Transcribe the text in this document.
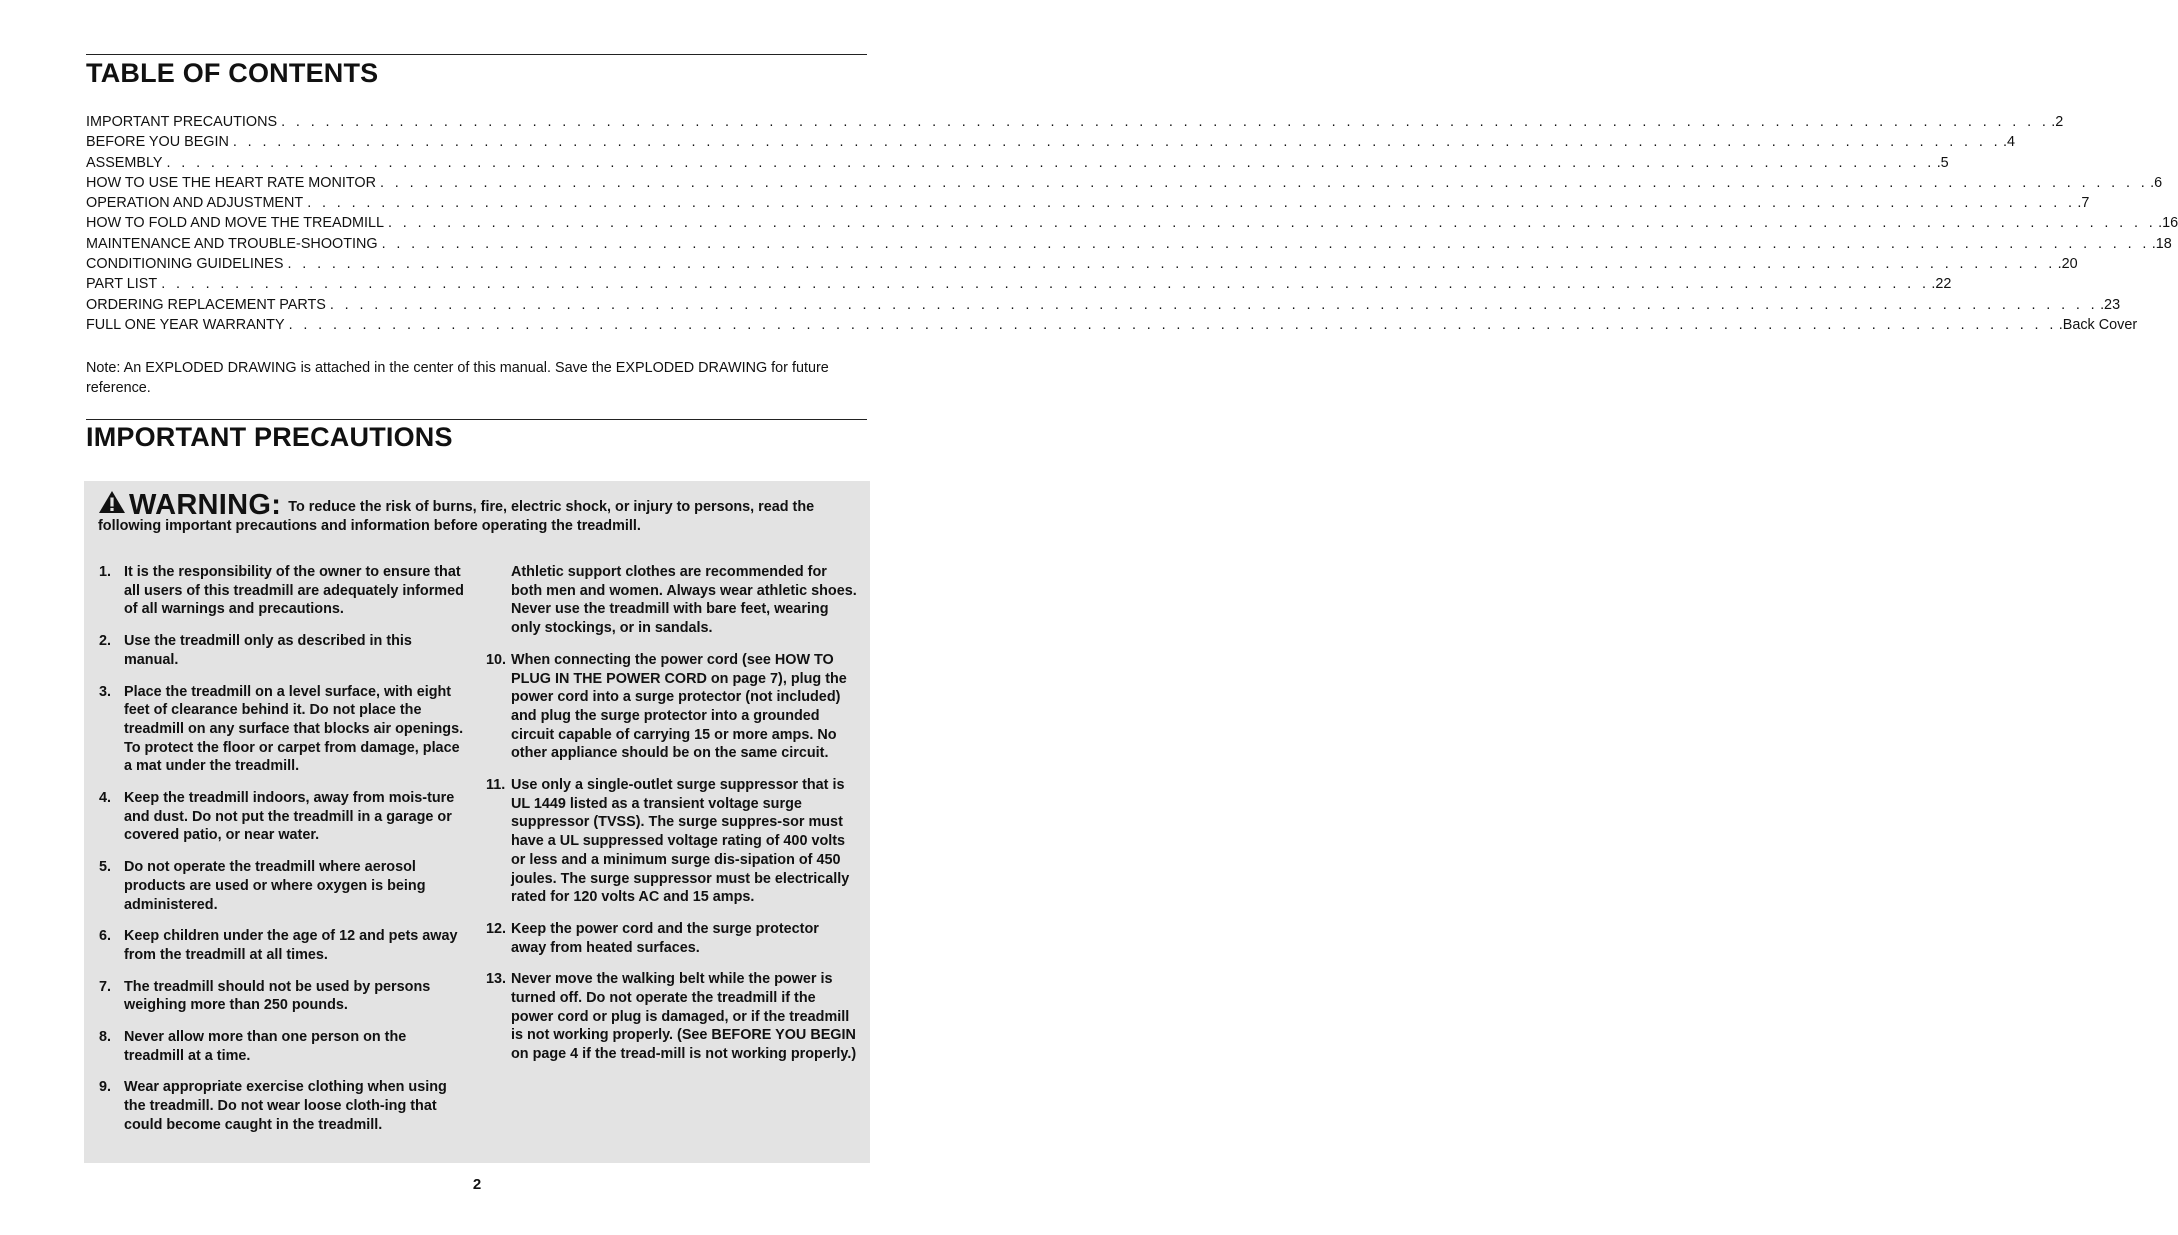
TABLE OF CONTENTS
IMPORTANT PRECAUTIONS . . . . . . . . . . . . . . . . . . . . . . . . . . . . . . . . . . . . . . . . . . . . . . . . . . . . . . . . . . . . . . . . . . . . . . . . . . . . . . . . . . . . . . . . . . . . . . . . . . . . . . . . . . . . . . . . . . . . . . . . .2
BEFORE YOU BEGIN . . . . . . . . . . . . . . . . . . . . . . . . . . . . . . . . . . . . . . . . . . . . . . . . . . . . . . . . . . . . . . . . . . . . . . . . . . . . . . . . . . . . . . . . . . . . . . . . . . . . . . . . . . . . . . . . . . . . . . . . .4
ASSEMBLY . . . . . . . . . . . . . . . . . . . . . . . . . . . . . . . . . . . . . . . . . . . . . . . . . . . . . . . . . . . . . . . . . . . . . . . . . . . . . . . . . . . . . . . . . . . . . . . . . . . . . . . . . . . . . . . . . . . . . . . . .5
HOW TO USE THE HEART RATE MONITOR . . . . . . . . . . . . . . . . . . . . . . . . . . . . . . . . . . . . . . . . . . . . . . . . . . . . . . . . . . . . . . . . . . . . . . . . . . . . . . . . . . . . . . . . . . . . . . . . . . . . . . . . . . . . . . . . . . . . . . . . .6
OPERATION AND ADJUSTMENT . . . . . . . . . . . . . . . . . . . . . . . . . . . . . . . . . . . . . . . . . . . . . . . . . . . . . . . . . . . . . . . . . . . . . . . . . . . . . . . . . . . . . . . . . . . . . . . . . . . . . . . . . . . . . . . . . . . . . . . . .7
HOW TO FOLD AND MOVE THE TREADMILL . . . . . . . . . . . . . . . . . . . . . . . . . . . . . . . . . . . . . . . . . . . . . . . . . . . . . . . . . . . . . . . . . . . . . . . . . . . . . . . . . . . . . . . . . . . . . . . . . . . . . . . . . . . . . . . . . . . . . . . . .16
MAINTENANCE AND TROUBLE-SHOOTING . . . . . . . . . . . . . . . . . . . . . . . . . . . . . . . . . . . . . . . . . . . . . . . . . . . . . . . . . . . . . . . . . . . . . . . . . . . . . . . . . . . . . . . . . . . . . . . . . . . . . . . . . . . . . . . . . . . . . . . . .18
CONDITIONING GUIDELINES . . . . . . . . . . . . . . . . . . . . . . . . . . . . . . . . . . . . . . . . . . . . . . . . . . . . . . . . . . . . . . . . . . . . . . . . . . . . . . . . . . . . . . . . . . . . . . . . . . . . . . . . . . . . . . . . . . . . . . . . .20
PART LIST . . . . . . . . . . . . . . . . . . . . . . . . . . . . . . . . . . . . . . . . . . . . . . . . . . . . . . . . . . . . . . . . . . . . . . . . . . . . . . . . . . . . . . . . . . . . . . . . . . . . . . . . . . . . . . . . . . . . . . . . .22
ORDERING REPLACEMENT PARTS . . . . . . . . . . . . . . . . . . . . . . . . . . . . . . . . . . . . . . . . . . . . . . . . . . . . . . . . . . . . . . . . . . . . . . . . . . . . . . . . . . . . . . . . . . . . . . . . . . . . . . . . . . . . . . . . . . . . . . . . .23
FULL ONE YEAR WARRANTY . . . . . . . . . . . . . . . . . . . . . . . . . . . . . . . . . . . . . . . . . . . . . . . . . . . . . . . . . . . . . . . . . . . . . . . . . . . . . . . . . . . . . . . . . . . . . . . . . . . . . . . . . . . . . . . . . . . . . . . . .Back Cover

Note: An EXPLODED DRAWING is attached in the center of this manual. Save the EXPLODED DRAWING for future reference.

IMPORTANT PRECAUTIONS
WARNING: To reduce the risk of burns, fire, electric shock, or injury to persons, read the following important precautions and information before operating the treadmill.
1. It is the responsibility of the owner to ensure that all users of this treadmill are adequately informed of all warnings and precautions.
2. Use the treadmill only as described in this manual.
3. Place the treadmill on a level surface, with eight feet of clearance behind it. Do not place the treadmill on any surface that blocks air openings. To protect the floor or carpet from damage, place a mat under the treadmill.
4. Keep the treadmill indoors, away from mois-ture and dust. Do not put the treadmill in a garage or covered patio, or near water.
5. Do not operate the treadmill where aerosol products are used or where oxygen is being administered.
6. Keep children under the age of 12 and pets away from the treadmill at all times.
7. The treadmill should not be used by persons weighing more than 250 pounds.
8. Never allow more than one person on the treadmill at a time.
9. Wear appropriate exercise clothing when using the treadmill. Do not wear loose cloth-ing that could become caught in the treadmill.
Athletic support clothes are recommended for both men and women. Always wear athletic shoes. Never use the treadmill with bare feet, wearing only stockings, or in sandals.
10. When connecting the power cord (see HOW TO PLUG IN THE POWER CORD on page 7), plug the power cord into a surge protector (not included) and plug the surge protector into a grounded circuit capable of carrying 15 or more amps. No other appliance should be on the same circuit.
11. Use only a single-outlet surge suppressor that is UL 1449 listed as a transient voltage surge suppressor (TVSS). The surge suppres-sor must have a UL suppressed voltage rating of 400 volts or less and a minimum surge dis-sipation of 450 joules. The surge suppressor must be electrically rated for 120 volts AC and 15 amps.
12. Keep the power cord and the surge protector away from heated surfaces.
13. Never move the walking belt while the power is turned off. Do not operate the treadmill if the power cord or plug is damaged, or if the treadmill is not working properly. (See BEFORE YOU BEGIN on page 4 if the tread-mill is not working properly.)
2
